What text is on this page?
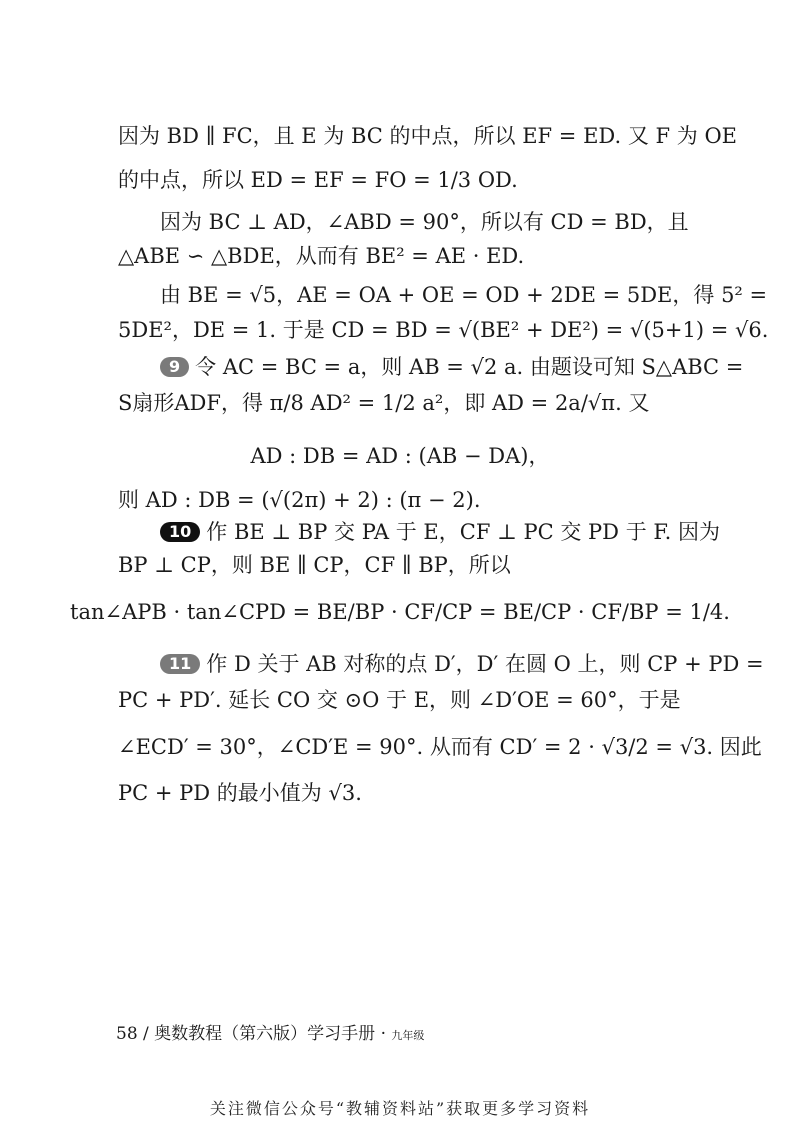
因为 BD ∥ FC，且 E 为 BC 的中点，所以 EF = ED. 又 F 为 OE
的中点，所以 ED = EF = FO = 1/3 OD.
因为 BC ⊥ AD，∠ABD = 90°，所以有 CD = BD，且
△ABE ∽ △BDE，从而有 BE² = AE · ED.
由 BE = √5，AE = OA + OE = OD + 2DE = 5DE，得 5² =
5DE²，DE = 1. 于是 CD = BD = √(BE² + DE²) = √(5+1) = √6.
9 令 AC = BC = a，则 AB = √2 a. 由题设可知 S△ABC =
S扇形ADF，得 π/8 AD² = 1/2 a²，即 AD = 2a/√π. 又
AD : DB = AD : (AB − DA)，
则 AD : DB = (√(2π) + 2) : (π − 2).
10 作 BE ⊥ BP 交 PA 于 E，CF ⊥ PC 交 PD 于 F. 因为
BP ⊥ CP，则 BE ∥ CP，CF ∥ BP，所以
tan∠APB · tan∠CPD = BE/BP · CF/CP = BE/CP · CF/BP = 1/4.
11 作 D 关于 AB 对称的点 D′，D′ 在圆 O 上，则 CP + PD =
PC + PD′. 延长 CO 交 ⊙O 于 E，则 ∠D′OE = 60°，于是
∠ECD′ = 30°，∠CD′E = 90°. 从而有 CD′ = 2 · √3/2 = √3. 因此
PC + PD 的最小值为 √3.
58 / 奥数教程（第六版）学习手册 · 九年级
关注微信公众号“教辅资料站”获取更多学习资料
